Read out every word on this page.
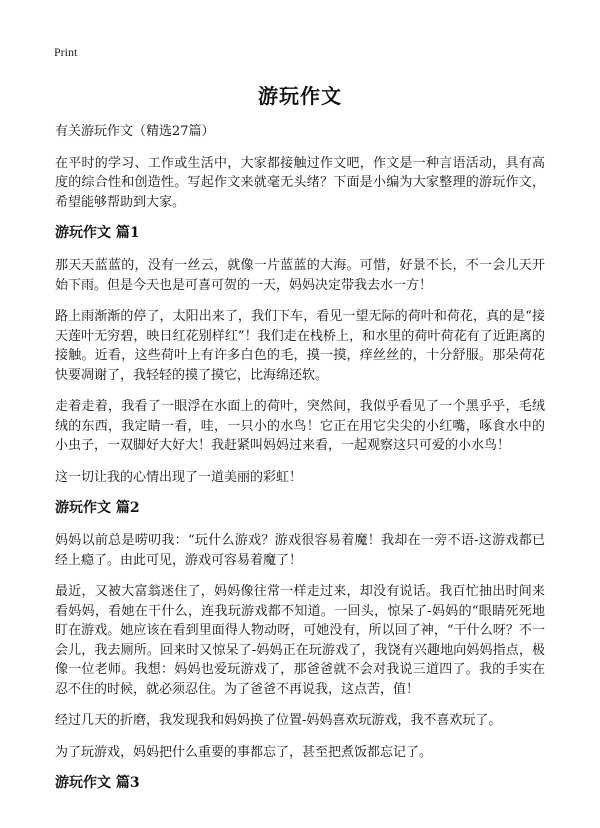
Print
游玩作文

有关游玩作文（精选27篇）

在平时的学习、工作或生活中，大家都接触过作文吧，作文是一种言语活动，具有高度的综合性和创造性。写起作文来就毫无头绪？下面是小编为大家整理的游玩作文，希望能够帮助到大家。

游玩作文 篇1

那天天蓝蓝的，没有一丝云，就像一片蓝蓝的大海。可惜，好景不长，不一会儿天开始下雨。但是今天也是可喜可贺的一天，妈妈决定带我去水一方！

路上雨渐渐的停了，太阳出来了，我们下车，看见一望无际的荷叶和荷花，真的是“接天莲叶无穷碧，映日红花别样红”！我们走在栈桥上，和水里的荷叶荷花有了近距离的接触。近看，这些荷叶上有许多白色的毛，摸一摸，痒丝丝的，十分舒服。那朵荷花快要凋谢了，我轻轻的摸了摸它，比海绵还软。

走着走着，我看了一眼浮在水面上的荷叶，突然间，我似乎看见了一个黑乎乎，毛绒绒的东西，我定睛一看，哇，一只小的水鸟！它正在用它尖尖的小红嘴，啄食水中的小虫子，一双脚好大好大！我赶紧叫妈妈过来看，一起观察这只可爱的小水鸟！

这一切让我的心情出现了一道美丽的彩虹！

游玩作文 篇2

妈妈以前总是唠叨我：“玩什么游戏？游戏很容易着魔！我却在一旁不语-这游戏都已经上瘾了。由此可见，游戏可容易着魔了！

最近，又被大富翁迷住了，妈妈像往常一样走过来，却没有说话。我百忙抽出时间来看妈妈，看她在干什么，连我玩游戏都不知道。一回头，惊呆了-妈妈的“眼睛死死地盯在游戏。她应该在看到里面得人物动呀，可她没有，所以回了神，“干什么呀？不一会儿，我去厕所。回来时又惊呆了-妈妈正在玩游戏了，我饶有兴趣地向妈妈指点，极像一位老师。我想：妈妈也爱玩游戏了，那爸爸就不会对我说三道四了。我的手实在忍不住的时候，就必须忍住。为了爸爸不再说我，这点苦，值！

经过几天的折磨，我发现我和妈妈换了位置-妈妈喜欢玩游戏，我不喜欢玩了。

为了玩游戏，妈妈把什么重要的事都忘了，甚至把煮饭都忘记了。

游玩作文 篇3
